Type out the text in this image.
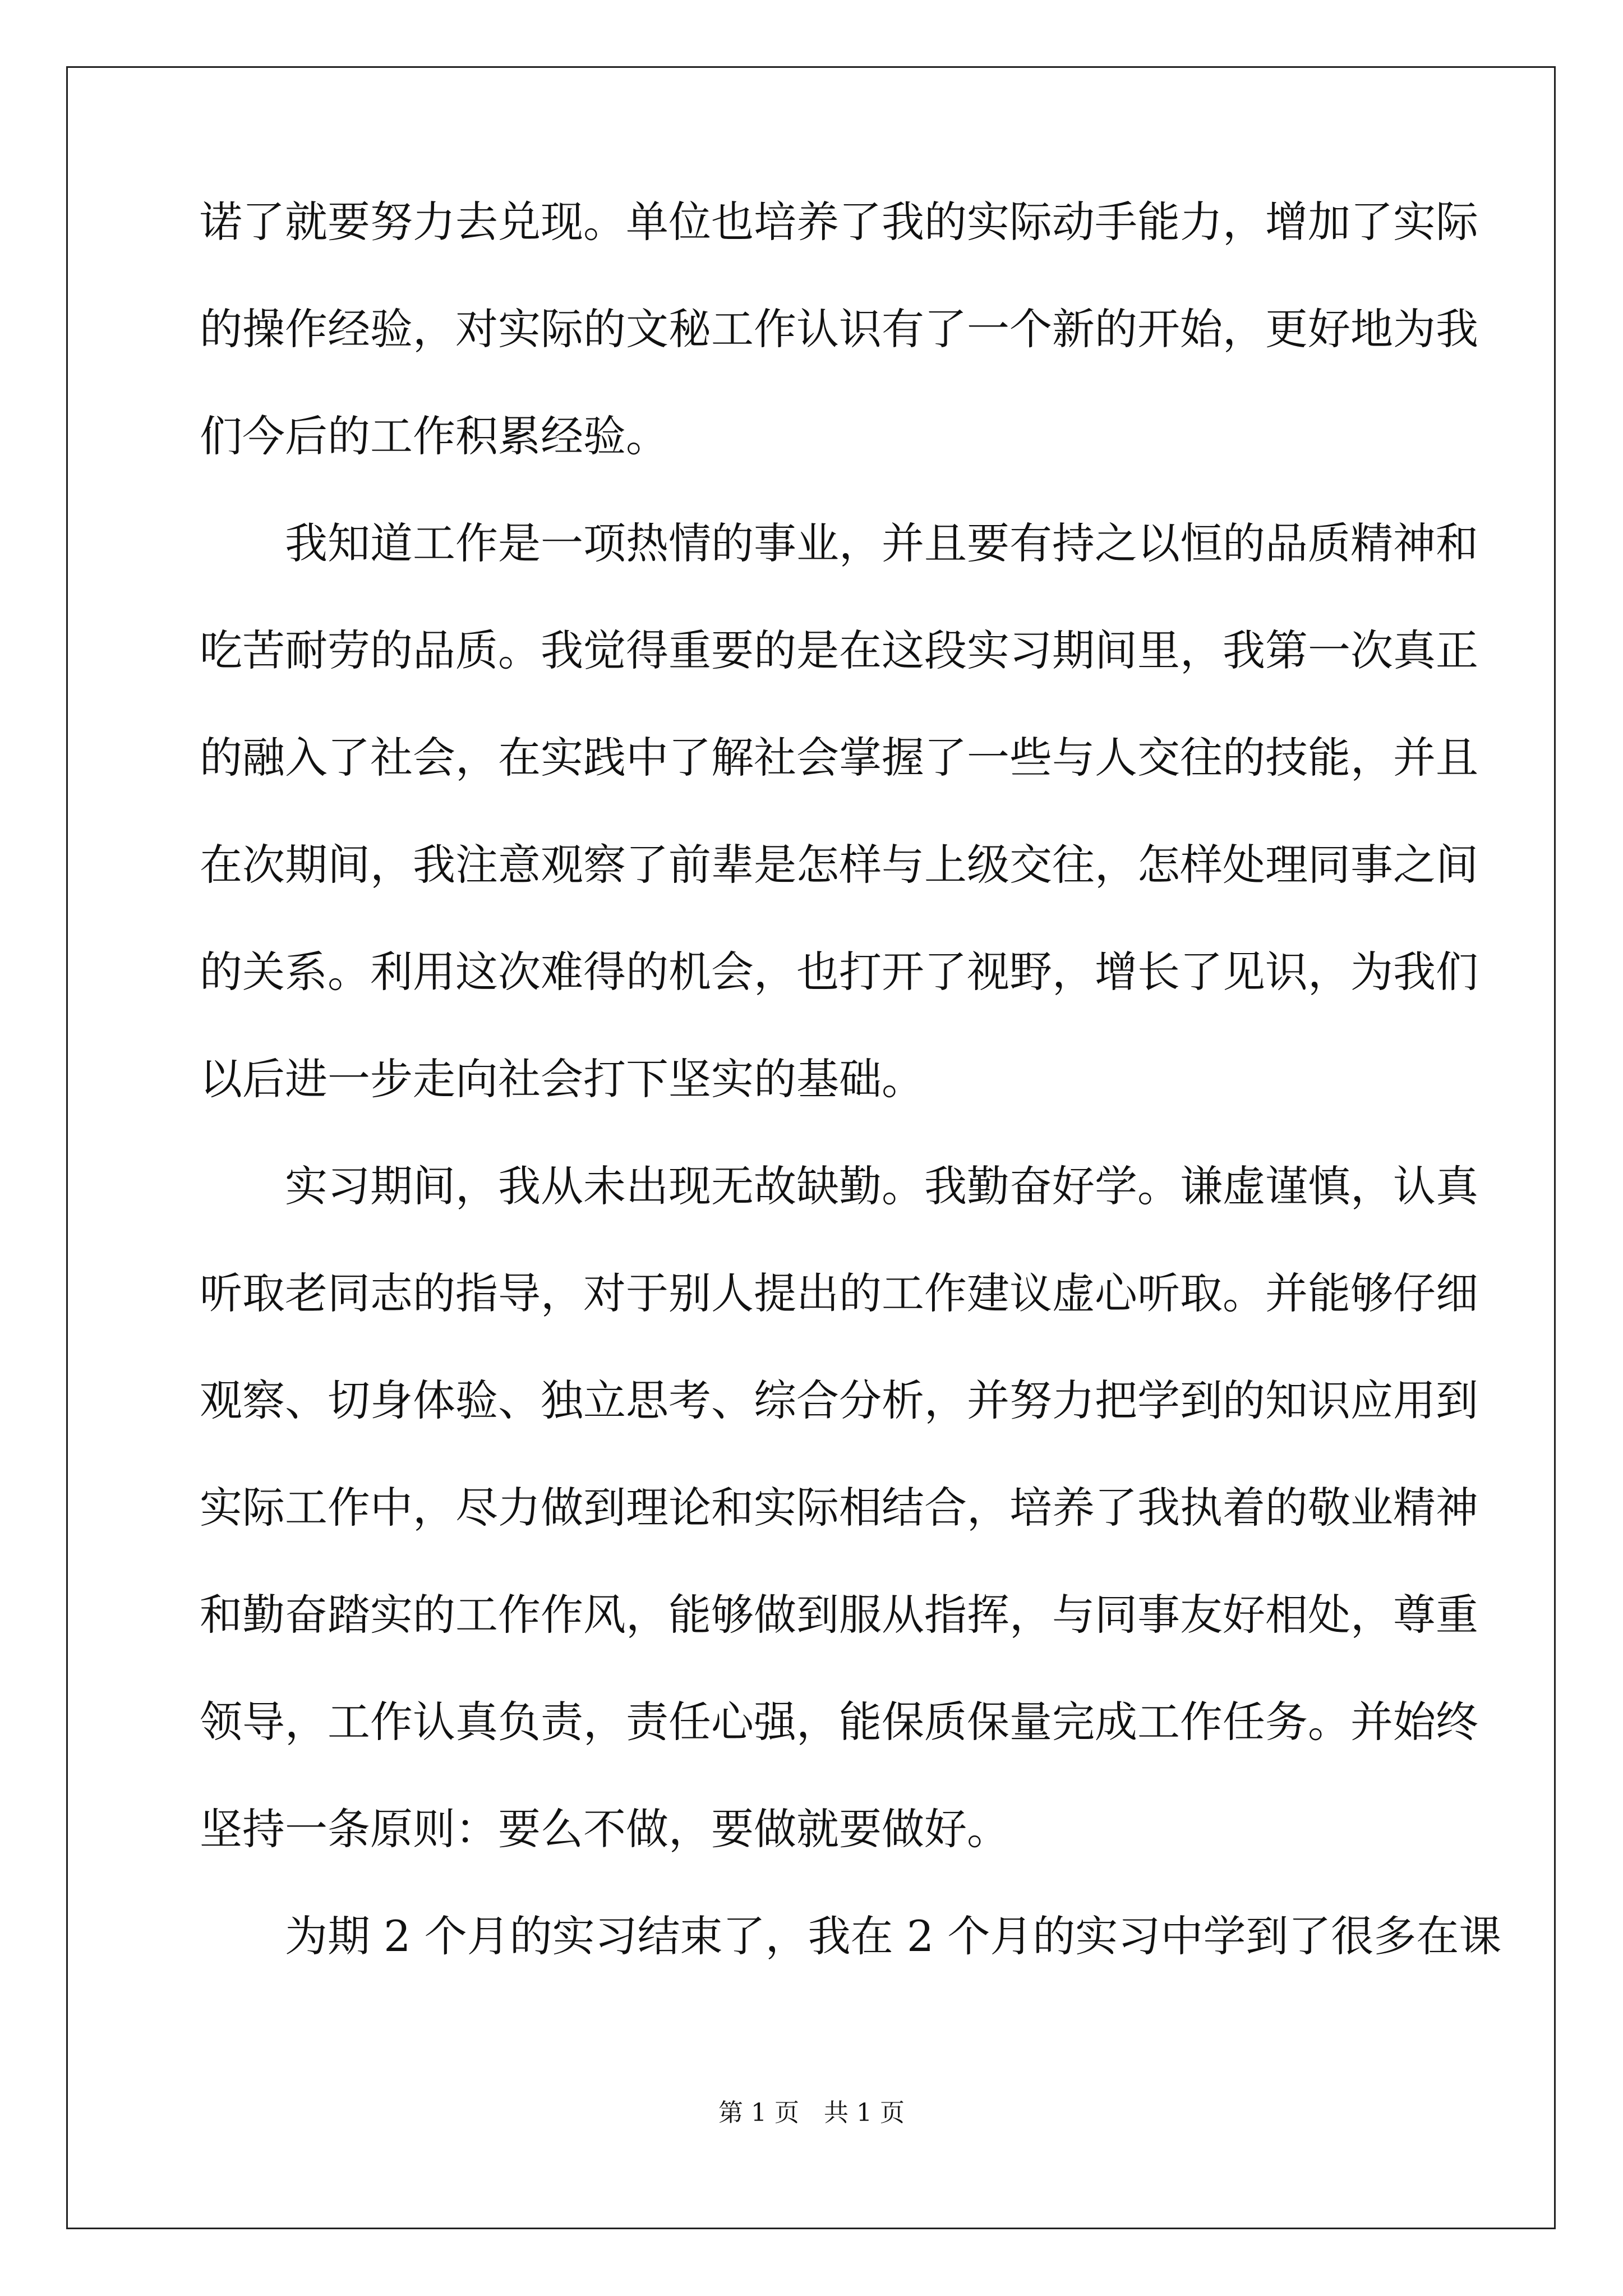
诺了就要努力去兑现。单位也培养了我的实际动手能力，增加了实际
的操作经验，对实际的文秘工作认识有了一个新的开始，更好地为我
们今后的工作积累经验。
我知道工作是一项热情的事业，并且要有持之以恒的品质精神和
吃苦耐劳的品质。我觉得重要的是在这段实习期间里，我第一次真正
的融入了社会，在实践中了解社会掌握了一些与人交往的技能，并且
在次期间，我注意观察了前辈是怎样与上级交往，怎样处理同事之间
的关系。利用这次难得的机会，也打开了视野，增长了见识，为我们
以后进一步走向社会打下坚实的基础。
实习期间，我从未出现无故缺勤。我勤奋好学。谦虚谨慎，认真
听取老同志的指导，对于别人提出的工作建议虚心听取。并能够仔细
观察、切身体验、独立思考、综合分析，并努力把学到的知识应用到
实际工作中，尽力做到理论和实际相结合，培养了我执着的敬业精神
和勤奋踏实的工作作风，能够做到服从指挥，与同事友好相处，尊重
领导，工作认真负责，责任心强，能保质保量完成工作任务。并始终
坚持一条原则：要么不做，要做就要做好。
为期 2 个月的实习结束了，我在 2 个月的实习中学到了很多在课
第 1 页　共 1 页
